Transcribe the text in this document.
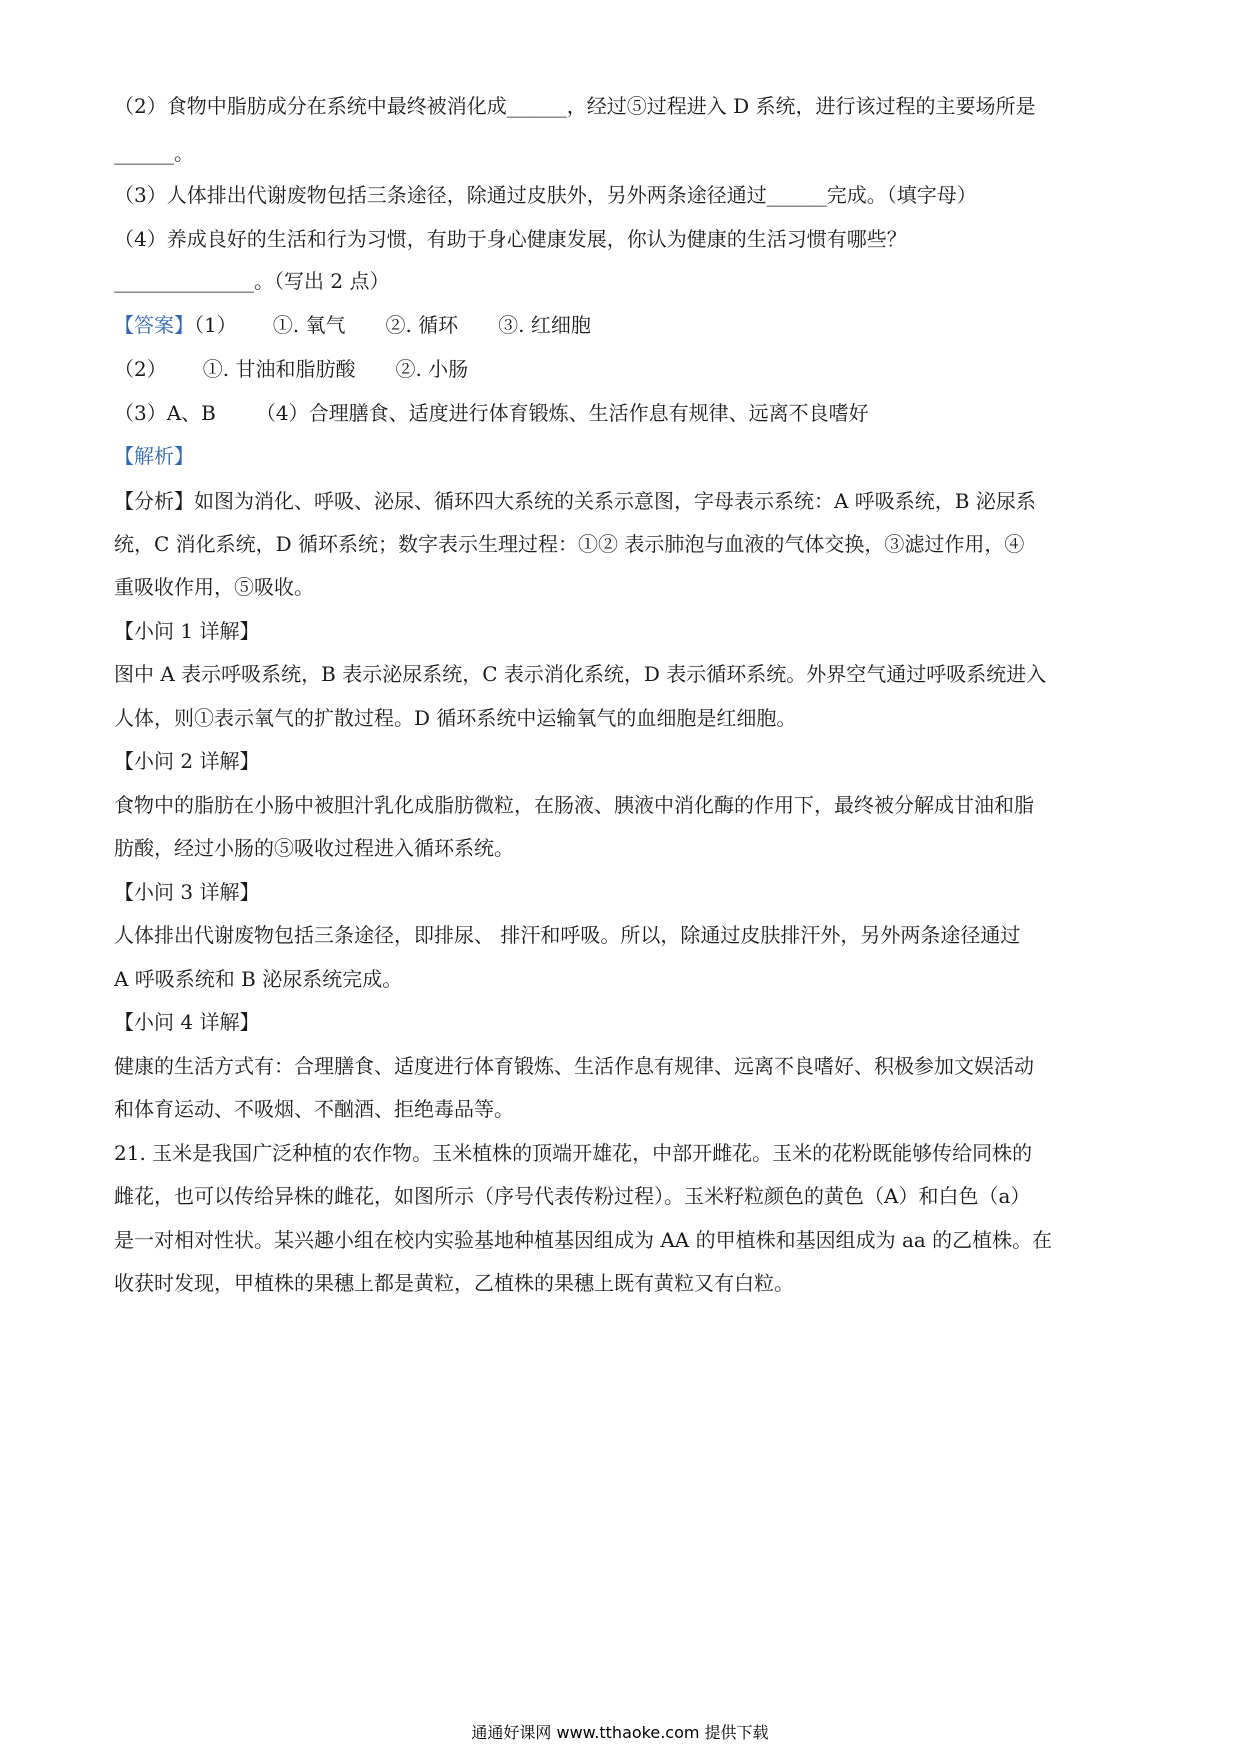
（2）食物中脂肪成分在系统中最终被消化成______，经过⑤过程进入 D 系统，进行该过程的主要场所是
______。
（3）人体排出代谢废物包括三条途径，除通过皮肤外，另外两条途径通过______完成。（填字母）
（4）养成良好的生活和行为习惯，有助于身心健康发展，你认为健康的生活习惯有哪些？
______________。（写出 2 点）
【答案】（1） ①. 氧气 ②. 循环 ③. 红细胞
（2） ①. 甘油和脂肪酸 ②. 小肠
（3）A、B （4）合理膳食、适度进行体育锻炼、生活作息有规律、远离不良嗜好
【解析】
【分析】如图为消化、呼吸、泌尿、循环四大系统的关系示意图，字母表示系统：A 呼吸系统，B 泌尿系
统，C 消化系统，D 循环系统；数字表示生理过程：①② 表示肺泡与血液的气体交换，③滤过作用，④
重吸收作用，⑤吸收。
【小问 1 详解】
图中 A 表示呼吸系统，B 表示泌尿系统，C 表示消化系统，D 表示循环系统。外界空气通过呼吸系统进入
人体，则①表示氧气的扩散过程。D 循环系统中运输氧气的血细胞是红细胞。
【小问 2 详解】
食物中的脂肪在小肠中被胆汁乳化成脂肪微粒，在肠液、胰液中消化酶的作用下，最终被分解成甘油和脂
肪酸，经过小肠的⑤吸收过程进入循环系统。
【小问 3 详解】
人体排出代谢废物包括三条途径，即排尿、 排汗和呼吸。所以，除通过皮肤排汗外，另外两条途径通过
A 呼吸系统和 B 泌尿系统完成。
【小问 4 详解】
健康的生活方式有：合理膳食、适度进行体育锻炼、生活作息有规律、远离不良嗜好、积极参加文娱活动
和体育运动、不吸烟、不酗酒、拒绝毒品等。
21. 玉米是我国广泛种植的农作物。玉米植株的顶端开雄花，中部开雌花。玉米的花粉既能够传给同株的
雌花，也可以传给异株的雌花，如图所示（序号代表传粉过程）。玉米籽粒颜色的黄色（A）和白色（a）
是一对相对性状。某兴趣小组在校内实验基地种植基因组成为 AA 的甲植株和基因组成为 aa 的乙植株。在
收获时发现，甲植株的果穗上都是黄粒，乙植株的果穗上既有黄粒又有白粒。
通通好课网 www.tthaoke.com 提供下载
